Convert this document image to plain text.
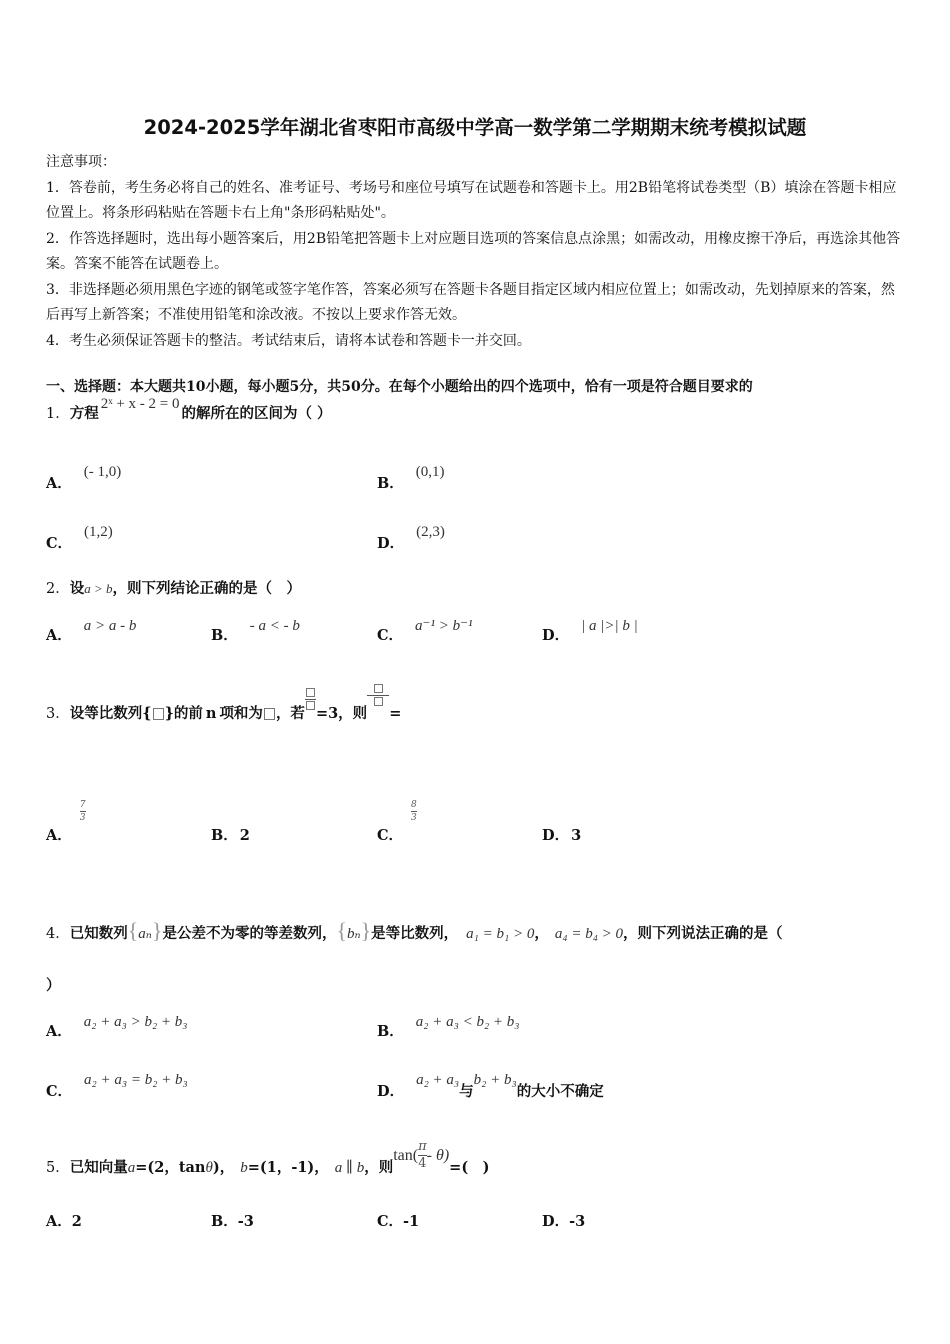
2024-2025学年湖北省枣阳市高级中学高一数学第二学期期末统考模拟试题

注意事项：

1．答卷前，考生务必将自己的姓名、准考证号、考场号和座位号填写在试题卷和答题卡上。用2B铅笔将试卷类型（B）填涂在答题卡相应位置上。将条形码粘贴在答题卡右上角"条形码粘贴处"。

2．作答选择题时，选出每小题答案后，用2B铅笔把答题卡上对应题目选项的答案信息点涂黑；如需改动，用橡皮擦干净后，再选涂其他答案。答案不能答在试题卷上。

3．非选择题必须用黑色字迹的钢笔或签字笔作答，答案必须写在答题卡各题目指定区域内相应位置上；如需改动，先划掉原来的答案，然后再写上新答案；不准使用铅笔和涂改液。不按以上要求作答无效。

4．考生必须保证答题卡的整洁。考试结束后，请将本试卷和答题卡一并交回。

一、选择题：本大题共10小题，每小题5分，共50分。在每个小题给出的四个选项中，恰有一项是符合题目要求的
1．方程2ˣ + x - 2 = 0的解所在的区间为（ ）
A．(- 1,0)
B．(0,1)
C．(1,2)
D．(2,3)
2．设a > b，则下列结论正确的是（　）
A．a > a - b
B．- a < - b
C．a⁻¹ > b⁻¹
D．| a |>| b |
3．设等比数列{ }的前 n 项和为 ，若 =3，则 =
A．$\frac{7}{3}$
B． 2	C．$\frac{8}{3}$
D． 3
4．已知数列{aₙ}是公差不为零的等差数列，{bₙ}是等比数列， a₁ = b₁ > 0， a₄ = b₄ > 0，则下列说法正确的是（
）
A．a₂ + a₃ > b₂ + b₃
B．a₂ + a₃ < b₂ + b₃
C．a₂ + a₃ = b₂ + b₃
D．a₂ + a₃与b₂ + b₃的大小不确定
5．已知向量a=(2，tanθ)， b=(1，-1)， a ∥ b，则$\tan(\frac{\pi}{4}-$ θ)=(　)
A．2	B．-3	C．-1	D．-3
